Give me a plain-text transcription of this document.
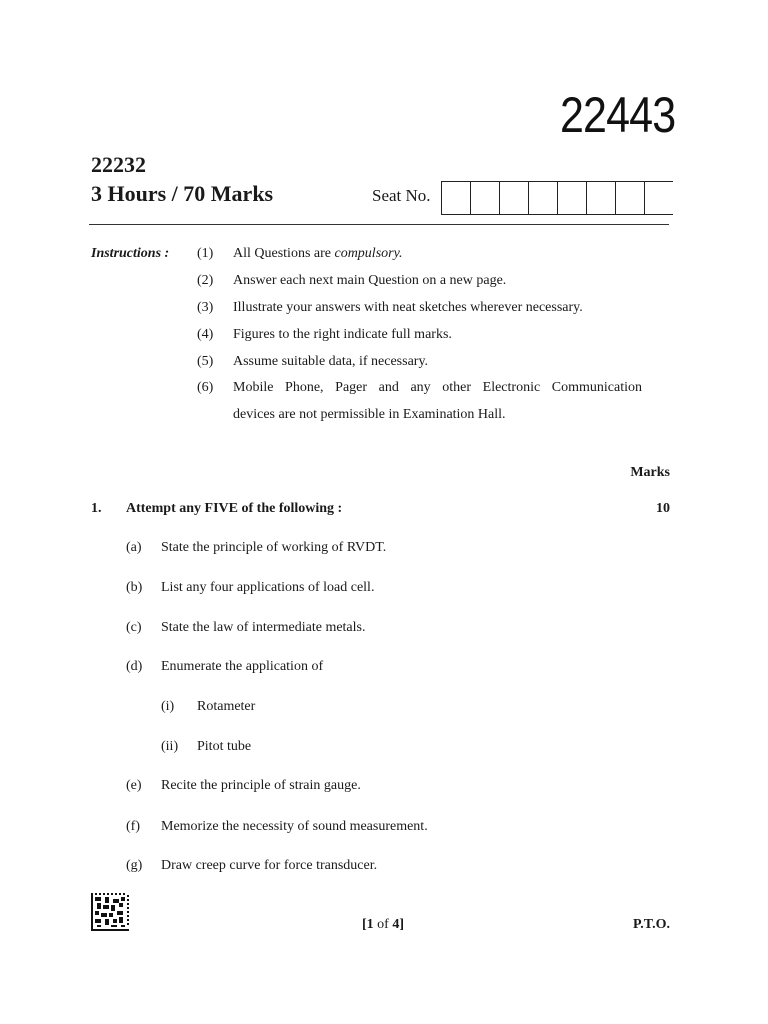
22443
22232
3 Hours / 70 Marks	Seat No.
Instructions : (1) All Questions are compulsory.
(2) Answer each next main Question on a new page.
(3) Illustrate your answers with neat sketches wherever necessary.
(4) Figures to the right indicate full marks.
(5) Assume suitable data, if necessary.
(6) Mobile Phone, Pager and any other Electronic Communication
devices are not permissible in Examination Hall.
Marks
1. Attempt any FIVE of the following :	10
(a) State the principle of working of RVDT.
(b) List any four applications of load cell.
(c) State the law of intermediate metals.
(d) Enumerate the application of
(i) Rotameter
(ii) Pitot tube
(e) Recite the principle of strain gauge.
(f) Memorize the necessity of sound measurement.
(g) Draw creep curve for force transducer.
[1 of 4]	P.T.O.
